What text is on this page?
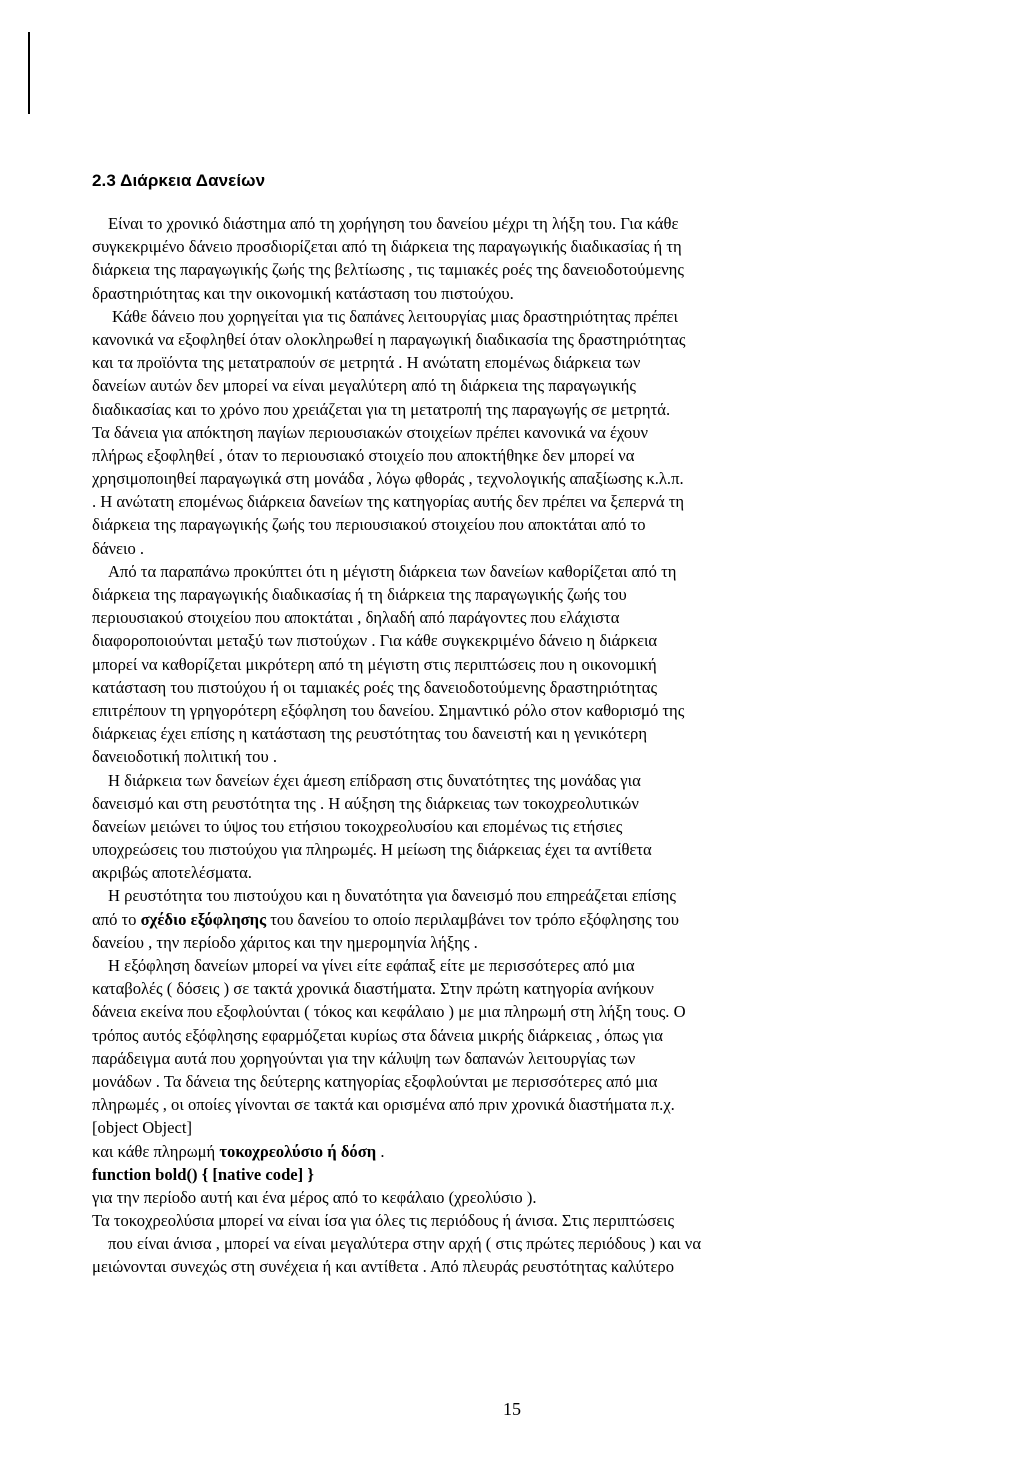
2.3 Διάρκεια Δανείων
Είναι το χρονικό διάστημα από τη χορήγηση του δανείου μέχρι τη λήξη του. Για κάθε
συγκεκριμένο δάνειο προσδιορίζεται από τη διάρκεια της παραγωγικής διαδικασίας ή τη
διάρκεια της παραγωγικής ζωής της βελτίωσης , τις ταμιακές ροές της δανειοδοτούμενης
δραστηριότητας και την οικονομική κατάσταση του πιστούχου.
Κάθε δάνειο που χορηγείται για τις δαπάνες λειτουργίας μιας δραστηριότητας πρέπει
κανονικά να εξοφληθεί όταν ολοκληρωθεί η παραγωγική διαδικασία της δραστηριότητας
και τα προϊόντα της μετατραπούν σε μετρητά . Η ανώτατη επομένως διάρκεια των
δανείων αυτών δεν μπορεί να είναι μεγαλύτερη από τη διάρκεια της παραγωγικής
διαδικασίας και το χρόνο που χρειάζεται για τη μετατροπή της παραγωγής σε μετρητά.
Τα δάνεια για απόκτηση παγίων περιουσιακών στοιχείων πρέπει κανονικά να έχουν
πλήρως εξοφληθεί , όταν το περιουσιακό στοιχείο που αποκτήθηκε δεν μπορεί να
χρησιμοποιηθεί παραγωγικά στη μονάδα , λόγω φθοράς , τεχνολογικής απαξίωσης κ.λ.π.
. Η ανώτατη επομένως διάρκεια δανείων της κατηγορίας αυτής δεν πρέπει να ξεπερνά τη
διάρκεια της παραγωγικής ζωής του περιουσιακού στοιχείου που αποκτάται από το
δάνειο .
Από τα παραπάνω προκύπτει ότι η μέγιστη διάρκεια των δανείων καθορίζεται από τη
διάρκεια της παραγωγικής διαδικασίας ή τη διάρκεια της παραγωγικής ζωής του
περιουσιακού στοιχείου που αποκτάται , δηλαδή από παράγοντες που ελάχιστα
διαφοροποιούνται μεταξύ των πιστούχων . Για κάθε συγκεκριμένο δάνειο η διάρκεια
μπορεί να καθορίζεται μικρότερη από τη μέγιστη στις περιπτώσεις που η οικονομική
κατάσταση του πιστούχου ή οι ταμιακές ροές της δανειοδοτούμενης δραστηριότητας
επιτρέπουν τη γρηγορότερη εξόφληση του δανείου. Σημαντικό ρόλο στον καθορισμό της
διάρκειας έχει επίσης η κατάσταση της ρευστότητας του δανειστή και η γενικότερη
δανειοδοτική πολιτική του .
Η διάρκεια των δανείων έχει άμεση επίδραση στις δυνατότητες της μονάδας για
δανεισμό και στη ρευστότητα της . Η αύξηση της διάρκειας των τοκοχρεολυτικών
δανείων μειώνει το ύψος του ετήσιου τοκοχρεολυσίου και επομένως τις ετήσιες
υποχρεώσεις του πιστούχου για πληρωμές. Η μείωση της διάρκειας έχει τα αντίθετα
ακριβώς αποτελέσματα.
Η ρευστότητα του πιστούχου και η δυνατότητα για δανεισμό που επηρεάζεται επίσης
από το σχέδιο εξόφλησης του δανείου το οποίο περιλαμβάνει τον τρόπο εξόφλησης του
δανείου , την περίοδο χάριτος και την ημερομηνία λήξης .
Η εξόφληση δανείων μπορεί να γίνει είτε εφάπαξ είτε με περισσότερες από μια
καταβολές ( δόσεις ) σε τακτά χρονικά διαστήματα. Στην πρώτη κατηγορία ανήκουν
δάνεια εκείνα που εξοφλούνται ( τόκος και κεφάλαιο ) με μια πληρωμή στη λήξη τους. Ο
τρόπος αυτός εξόφλησης εφαρμόζεται κυρίως στα δάνεια μικρής διάρκειας , όπως για
παράδειγμα αυτά που χορηγούνται για την κάλυψη των δαπανών λειτουργίας των
μονάδων . Τα δάνεια της δεύτερης κατηγορίας εξοφλούνται με περισσότερες από μια
πληρωμές , οι οποίες γίνονται σε τακτά και ορισμένα από πριν χρονικά διαστήματα π.χ.
[object Object]
και κάθε πληρωμή τοκοχρεολύσιο ή δόση .
function bold() { [native code] }
για την περίοδο αυτή και ένα μέρος από το κεφάλαιο (χρεολύσιο ).
Τα τοκοχρεολύσια μπορεί να είναι ίσα για όλες τις περιόδους ή άνισα. Στις περιπτώσεις
που είναι άνισα , μπορεί να είναι μεγαλύτερα στην αρχή ( στις πρώτες περιόδους ) και να
μειώνονται συνεχώς στη συνέχεια ή και αντίθετα . Από πλευράς ρευστότητας καλύτερο
15
